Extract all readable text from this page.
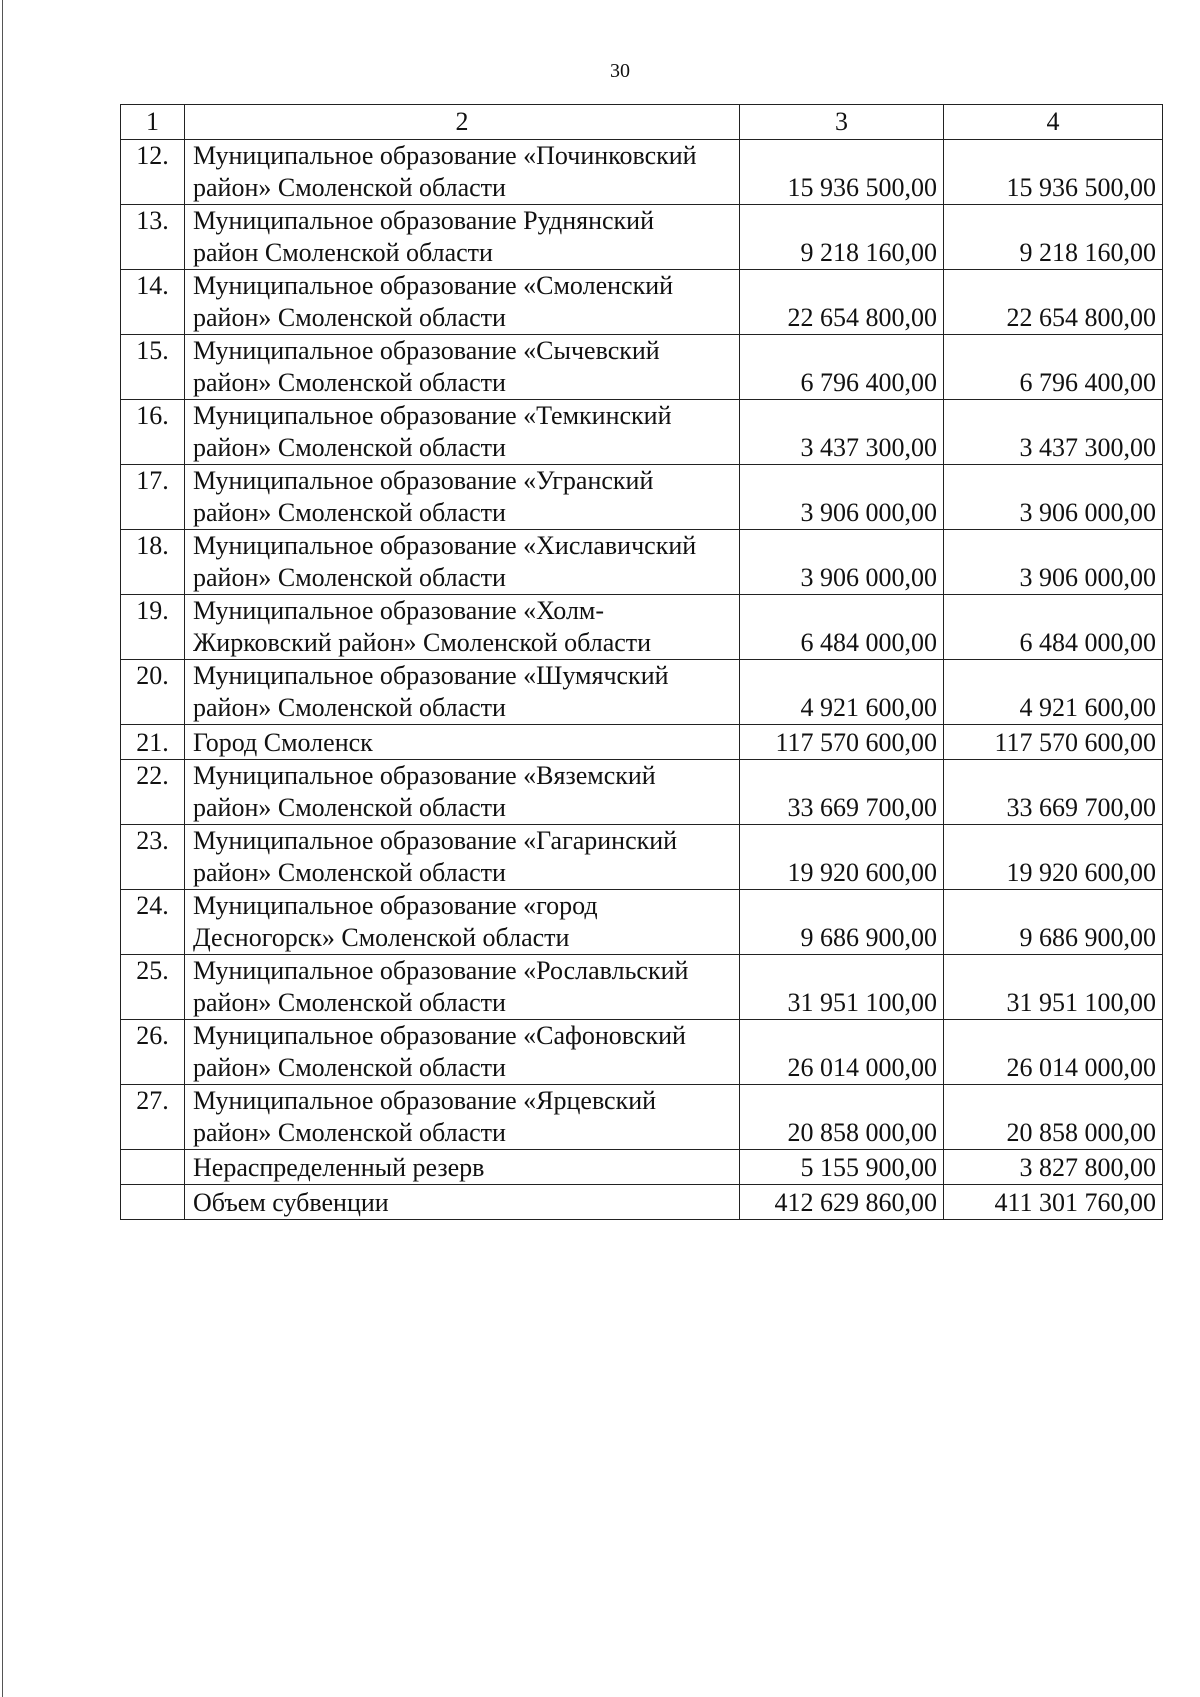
30
1	2	3	4
12.	Муниципальное образование «Починковский
район» Смоленской области	15 936 500,00	15 936 500,00
13.	Муниципальное образование Руднянский
район Смоленской области	9 218 160,00	9 218 160,00
14.	Муниципальное образование «Смоленский
район» Смоленской области	22 654 800,00	22 654 800,00
15.	Муниципальное образование «Сычевский
район» Смоленской области	6 796 400,00	6 796 400,00
16.	Муниципальное образование «Темкинский
район» Смоленской области	3 437 300,00	3 437 300,00
17.	Муниципальное образование «Угранский
район» Смоленской области	3 906 000,00	3 906 000,00
18.	Муниципальное образование «Хиславичский
район» Смоленской области	3 906 000,00	3 906 000,00
19.	Муниципальное образование «Холм-
Жирковский район» Смоленской области	6 484 000,00	6 484 000,00
20.	Муниципальное образование «Шумячский
район» Смоленской области	4 921 600,00	4 921 600,00
21.	Город Смоленск	117 570 600,00	117 570 600,00
22.	Муниципальное образование «Вяземский
район» Смоленской области	33 669 700,00	33 669 700,00
23.	Муниципальное образование «Гагаринский
район» Смоленской области	19 920 600,00	19 920 600,00
24.	Муниципальное образование «город
Десногорск» Смоленской области	9 686 900,00	9 686 900,00
25.	Муниципальное образование «Рославльский
район» Смоленской области	31 951 100,00	31 951 100,00
26.	Муниципальное образование «Сафоновский
район» Смоленской области	26 014 000,00	26 014 000,00
27.	Муниципальное образование «Ярцевский
район» Смоленской области	20 858 000,00	20 858 000,00

	Нераспределенный резерв	5 155 900,00	3 827 800,00

	Объем субвенции	412 629 860,00	411 301 760,00
